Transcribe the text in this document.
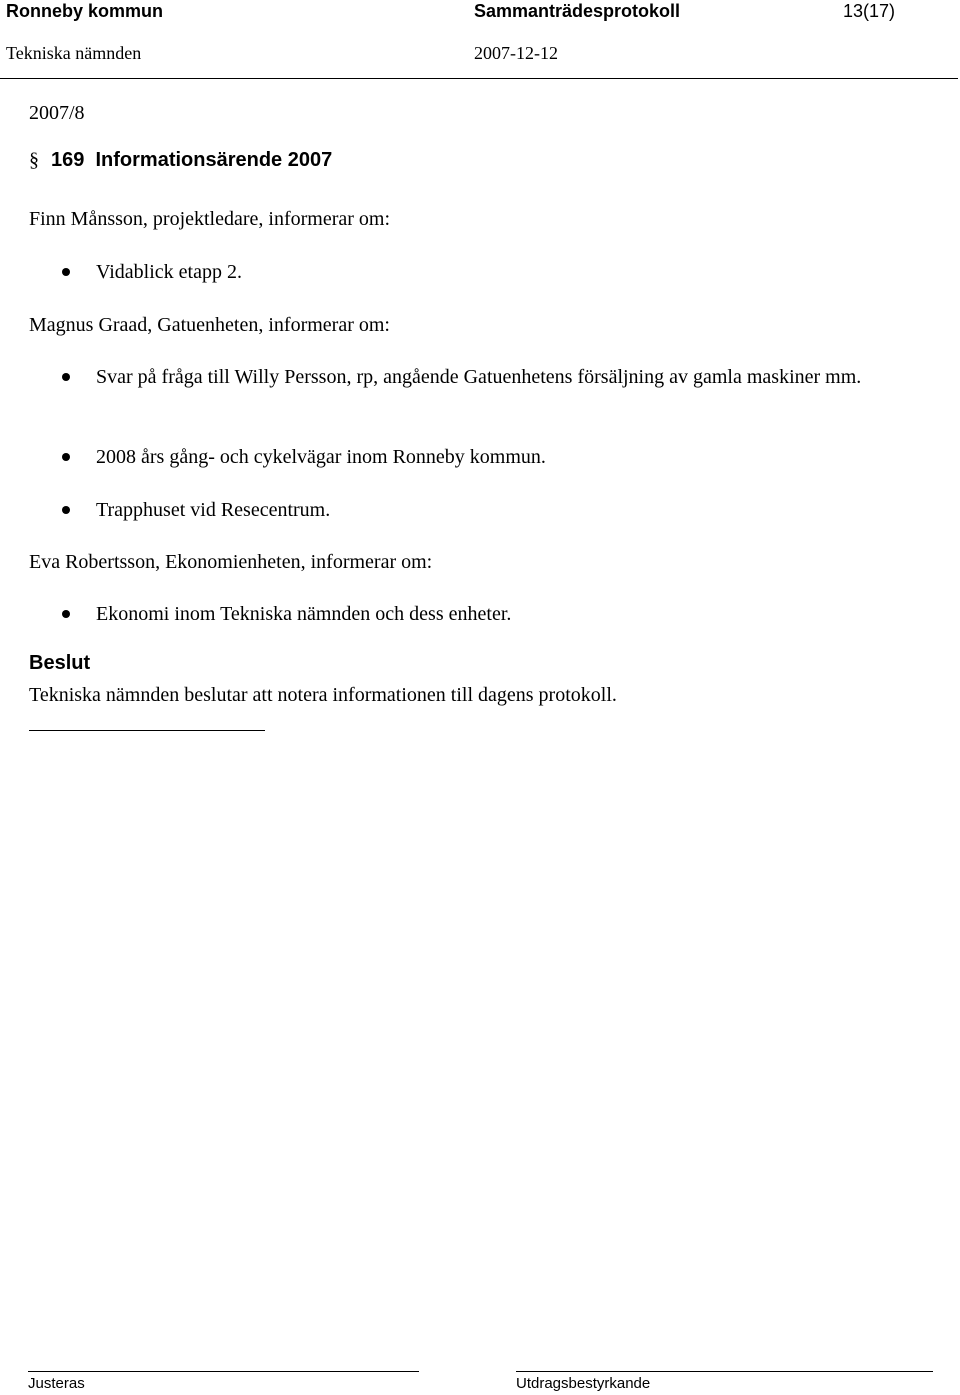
Ronneby kommun	Sammanträdesprotokoll	13(17)
Tekniska nämnden	2007-12-12
2007/8
§ 169  Informationsärende 2007
Finn Månsson, projektledare, informerar om:
Vidablick etapp 2.
Magnus Graad, Gatuenheten, informerar om:
Svar på fråga till Willy Persson, rp, angående Gatuenhetens försäljning av gamla maskiner mm.
2008 års gång- och cykelvägar inom Ronneby kommun.
Trapphuset vid Resecentrum.
Eva Robertsson, Ekonomienheten, informerar om:
Ekonomi inom Tekniska nämnden och dess enheter.
Beslut
Tekniska nämnden beslutar att notera informationen till dagens protokoll.
Justeras	Utdragsbestyrkande
